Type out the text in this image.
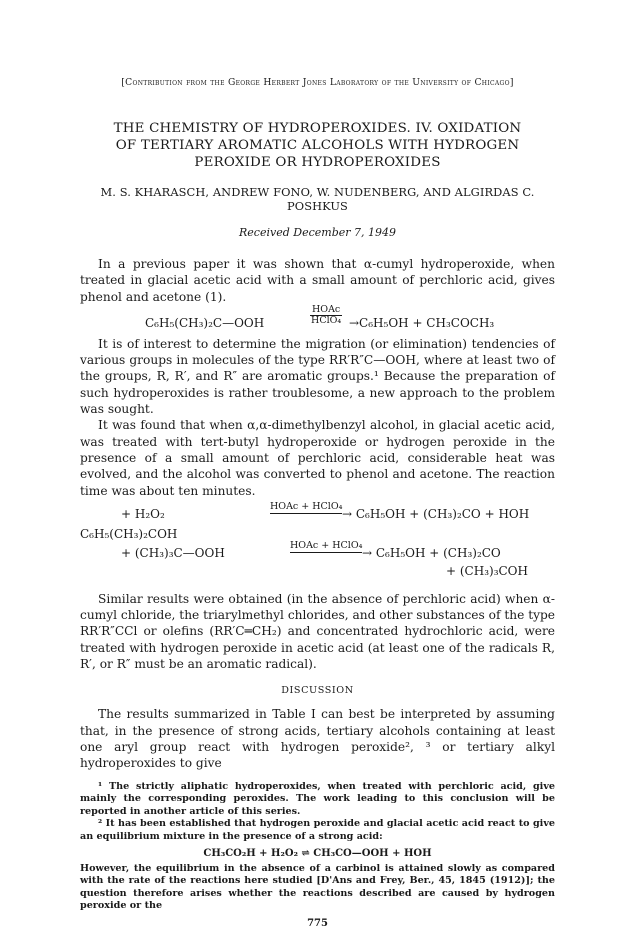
[Contribution from the George Herbert Jones Laboratory of the University of Chicago]
THE CHEMISTRY OF HYDROPEROXIDES. IV. OXIDATION
OF TERTIARY AROMATIC ALCOHOLS WITH HYDROGEN
PEROXIDE OR HYDROPEROXIDES
M. S. KHARASCH, ANDREW FONO, W. NUDENBERG, AND ALGIRDAS C. POSHKUS
Received December 7, 1949

In a previous paper it was shown that α-cumyl hydroperoxide, when treated in glacial acetic acid with a small amount of perchloric acid, gives phenol and acetone (1).

C₆H₅(CH₃)₂C—OOH
HOAc
HClO₄ →C₆H₅OH + CH₃COCH₃

It is of interest to determine the migration (or elimination) tendencies of various groups in molecules of the type RR′R″C—OOH, where at least two of the groups, R, R′, and R″ are aromatic groups.¹ Because the preparation of such hydroperoxides is rather troublesome, a new approach to the problem was sought.

It was found that when α,α-dimethylbenzyl alcohol, in glacial acetic acid, was treated with tert-butyl hydroperoxide or hydrogen peroxide in the presence of a small amount of perchloric acid, considerable heat was evolved, and the alcohol was converted to phenol and acetone. The reaction time was about ten minutes.

+ H₂O₂
HOAc + HClO₄
→ C₆H₅OH + (CH₃)₂CO + HOH
C₆H₅(CH₃)₂COH
+ (CH₃)₃C—OOH
HOAc + HClO₄
→ C₆H₅OH + (CH₃)₂CO
+ (CH₃)₃COH

Similar results were obtained (in the absence of perchloric acid) when α-cumyl chloride, the triarylmethyl chlorides, and other substances of the type RR′R″CCl or olefins (RR′C═CH₂) and concentrated hydrochloric acid, were treated with hydrogen peroxide in acetic acid (at least one of the radicals R, R′, or R″ must be an aromatic radical).

DISCUSSION

The results summarized in Table I can best be interpreted by assuming that, in the presence of strong acids, tertiary alcohols containing at least one aryl group react with hydrogen peroxide², ³ or tertiary alkyl hydroperoxides to give

¹ The strictly aliphatic hydroperoxides, when treated with perchloric acid, give mainly the corresponding peroxides. The work leading to this conclusion will be reported in another article of this series.

² It has been established that hydrogen peroxide and glacial acetic acid react to give an equilibrium mixture in the presence of a strong acid:

CH₃CO₂H + H₂O₂ ⇌ CH₃CO—OOH + HOH

However, the equilibrium in the absence of a carbinol is attained slowly as compared with the rate of the reactions here studied [D'Ans and Frey, Ber., 45, 1845 (1912)]; the question therefore arises whether the reactions described are caused by hydrogen peroxide or the

775
